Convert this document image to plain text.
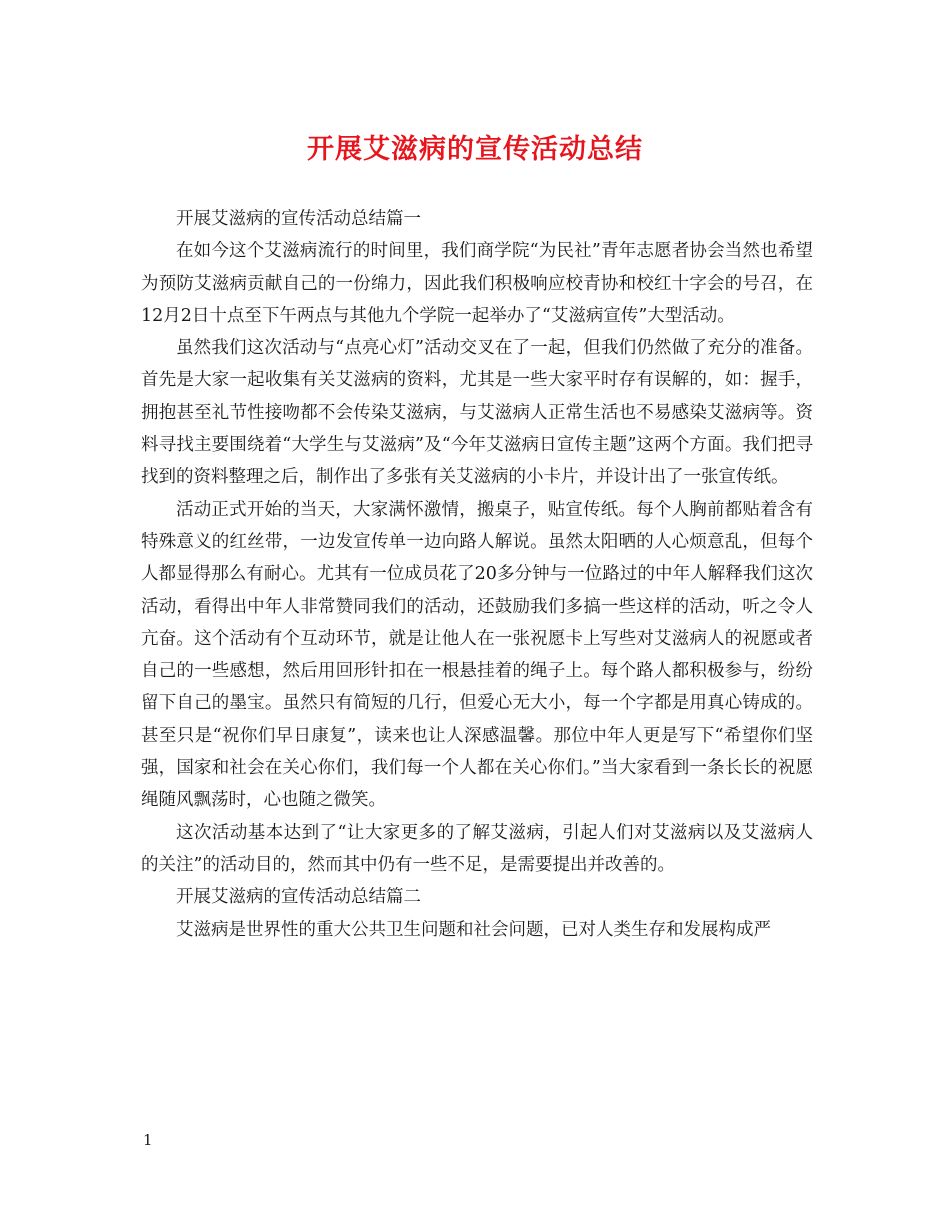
开展艾滋病的宣传活动总结

开展艾滋病的宣传活动总结篇一

在如今这个艾滋病流行的时间里，我们商学院“为民社”青年志愿者协会当然也希望为预防艾滋病贡献自己的一份绵力，因此我们积极响应校青协和校红十字会的号召，在12月2日十点至下午两点与其他九个学院一起举办了“艾滋病宣传”大型活动。

虽然我们这次活动与“点亮心灯”活动交叉在了一起，但我们仍然做了充分的准备。首先是大家一起收集有关艾滋病的资料，尤其是一些大家平时存有误解的，如：握手，拥抱甚至礼节性接吻都不会传染艾滋病，与艾滋病人正常生活也不易感染艾滋病等。资料寻找主要围绕着“大学生与艾滋病”及“今年艾滋病日宣传主题”这两个方面。我们把寻找到的资料整理之后，制作出了多张有关艾滋病的小卡片，并设计出了一张宣传纸。

活动正式开始的当天，大家满怀激情，搬桌子，贴宣传纸。每个人胸前都贴着含有特殊意义的红丝带，一边发宣传单一边向路人解说。虽然太阳晒的人心烦意乱，但每个人都显得那么有耐心。尤其有一位成员花了20多分钟与一位路过的中年人解释我们这次活动，看得出中年人非常赞同我们的活动，还鼓励我们多搞一些这样的活动，听之令人亢奋。这个活动有个互动环节，就是让他人在一张祝愿卡上写些对艾滋病人的祝愿或者自己的一些感想，然后用回形针扣在一根悬挂着的绳子上。每个路人都积极参与，纷纷留下自己的墨宝。虽然只有简短的几行，但爱心无大小，每一个字都是用真心铸成的。甚至只是“祝你们早日康复”，读来也让人深感温馨。那位中年人更是写下“希望你们坚强，国家和社会在关心你们，我们每一个人都在关心你们。”当大家看到一条长长的祝愿绳随风飘荡时，心也随之微笑。

这次活动基本达到了“让大家更多的了解艾滋病，引起人们对艾滋病以及艾滋病人的关注”的活动目的，然而其中仍有一些不足，是需要提出并改善的。

开展艾滋病的宣传活动总结篇二

艾滋病是世界性的重大公共卫生问题和社会问题，已对人类生存和发展构成严

1
